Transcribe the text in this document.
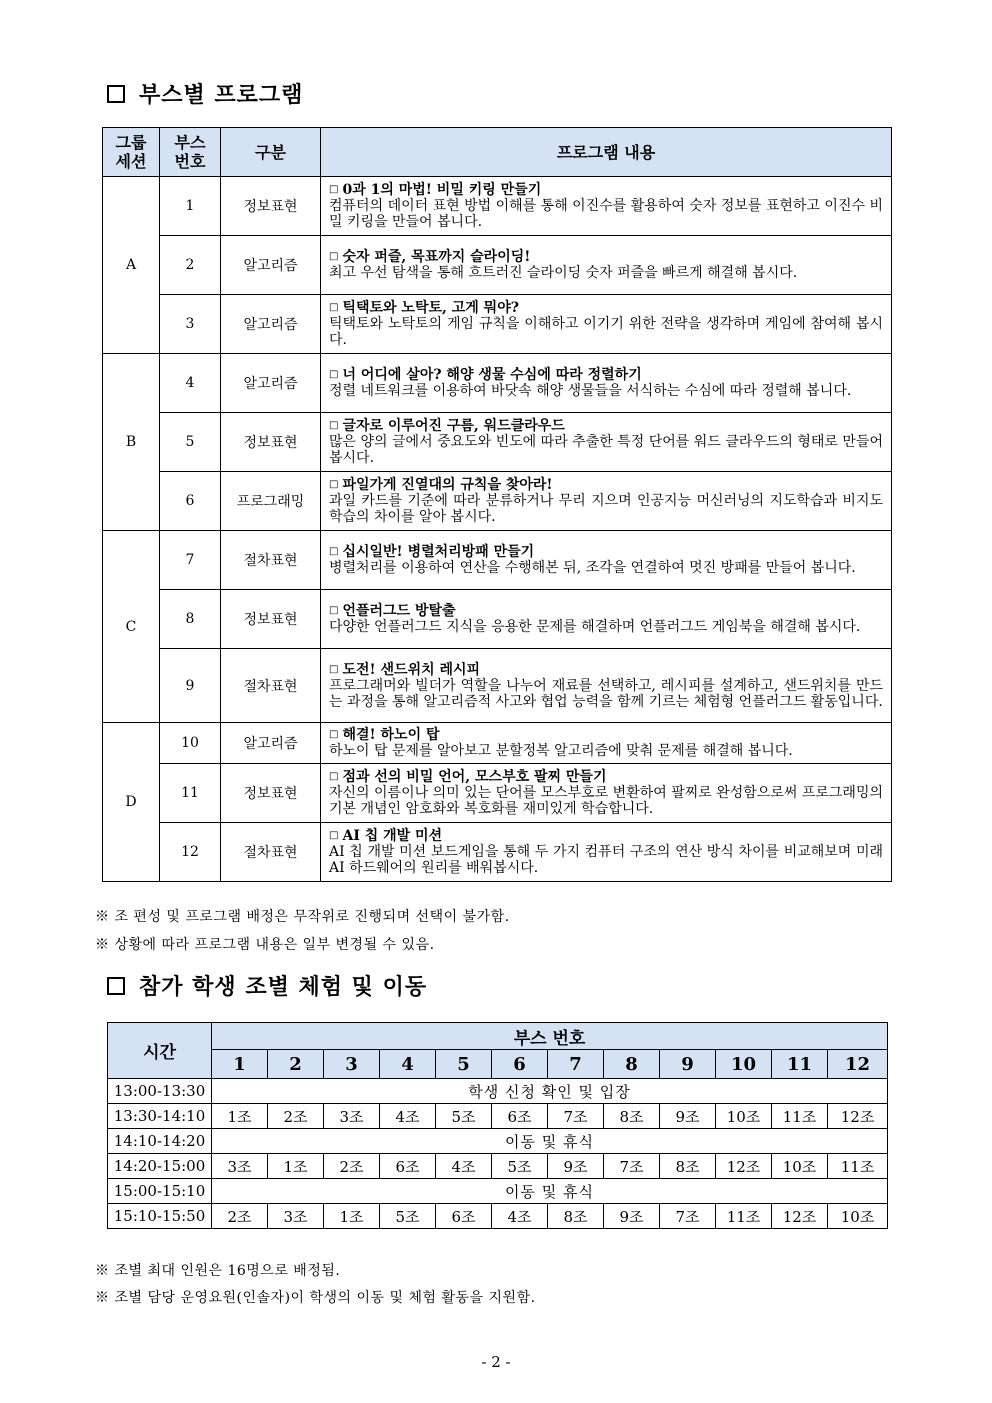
부스별 프로그램
그룹
세션	부스
번호	구분	프로그램 내용
A	1	정보표현	□ 0과 1의 마법! 비밀 키링 만들기
컴퓨터의 데이터 표현 방법 이해를 통해 이진수를 활용하여 숫자 정보를 표현하고 이진수 비밀 키링을 만들어 봅니다.

	2	알고리즘	□ 숫자 퍼즐, 목표까지 슬라이딩!
최고 우선 탐색을 통해 흐트러진 슬라이딩 숫자 퍼즐을 빠르게 해결해 봅시다.

	3	알고리즘	□ 틱택토와 노탁토, 고게 뭐야?
틱택토와 노탁토의 게임 규칙을 이해하고 이기기 위한 전략을 생각하며 게임에 참여해 봅시다.

B	4	알고리즘	□ 너 어디에 살아? 해양 생물 수심에 따라 정렬하기
정렬 네트워크를 이용하여 바닷속 해양 생물들을 서식하는 수심에 따라 정렬해 봅니다.

	5	정보표현	□ 글자로 이루어진 구름, 워드클라우드
많은 양의 글에서 중요도와 빈도에 따라 추출한 특정 단어를 워드 클라우드의 형태로 만들어봅시다.

	6	프로그래밍	□ 파일가게 진열대의 규칙을 찾아라!
과일 카드를 기준에 따라 분류하거나 무리 지으며 인공지능 머신러닝의 지도학습과 비지도학습의 차이를 알아 봅시다.

C	7	절차표현	□ 십시일반! 병렬처리방패 만들기
병렬처리를 이용하여 연산을 수행해본 뒤, 조각을 연결하여 멋진 방패를 만들어 봅니다.

	8	정보표현	□ 언플러그드 방탈출
다양한 언플러그드 지식을 응용한 문제를 해결하며 언플러그드 게임북을 해결해 봅시다.

	9	절차표현	□ 도전! 샌드위치 레시피
프로그래머와 빌더가 역할을 나누어 재료를 선택하고, 레시피를 설계하고, 샌드위치를 만드는 과정을 통해 알고리즘적 사고와 협업 능력을 함께 기르는 체험형 언플러그드 활동입니다.

D	10	알고리즘	□ 해결! 하노이 탑
하노이 탑 문제를 알아보고 분할정복 알고리즘에 맞춰 문제를 해결해 봅니다.

	11	정보표현	□ 점과 선의 비밀 언어, 모스부호 팔찌 만들기
자신의 이름이나 의미 있는 단어를 모스부호로 변환하여 팔찌로 완성함으로써 프로그래밍의 기본 개념인 암호화와 복호화를 재미있게 학습합니다.

	12	절차표현	□ AI 칩 개발 미션
AI 칩 개발 미션 보드게임을 통해 두 가지 컴퓨터 구조의 연산 방식 차이를 비교해보며 미래 AI 하드웨어의 원리를 배워봅시다.
※ 조 편성 및 프로그램 배정은 무작위로 진행되며 선택이 불가함.
※ 상황에 따라 프로그램 내용은 일부 변경될 수 있음.
참가 학생 조별 체험 및 이동
시간	부스 번호											
	1	2	3	4	5	6	7	8	9	10	11	12
13:00-13:30	학생 신청 확인 및 입장											
13:30-14:10	1조	2조	3조	4조	5조	6조	7조	8조	9조	10조	11조	12조
14:10-14:20	이동 및 휴식											
14:20-15:00	3조	1조	2조	6조	4조	5조	9조	7조	8조	12조	10조	11조
15:00-15:10	이동 및 휴식											
15:10-15:50	2조	3조	1조	5조	6조	4조	8조	9조	7조	11조	12조	10조
※ 조별 최대 인원은 16명으로 배정됨.
※ 조별 담당 운영요원(인솔자)이 학생의 이동 및 체험 활동을 지원함.
- 2 -
